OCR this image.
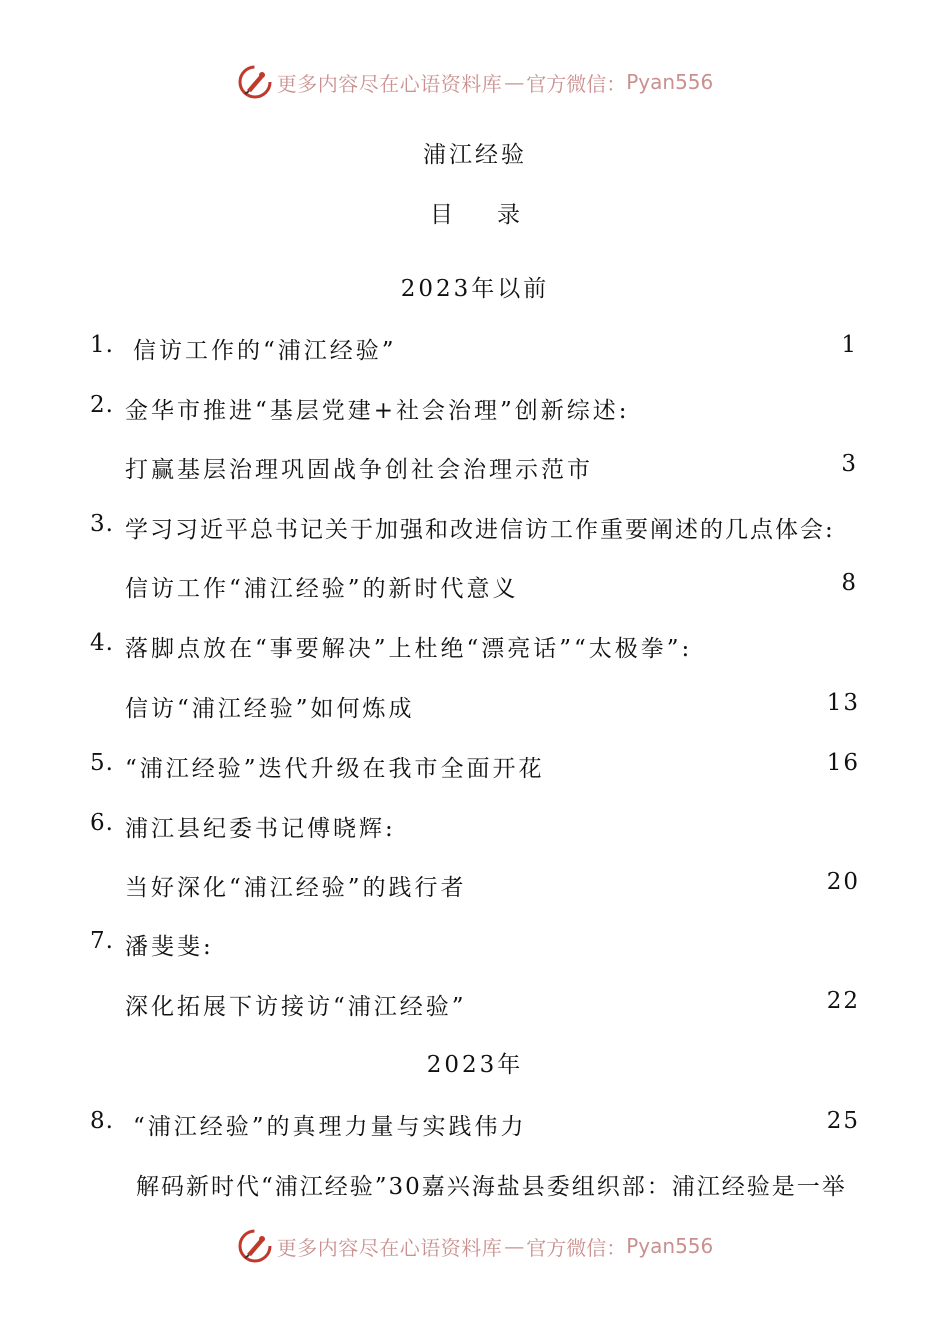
更多内容尽在心语资料库 — 官方微信： Pyan556
浦江经验
目 录
2023年以前
1. 信访工作的“浦江经验”	1
2. 金华市推进“基层党建+社会治理”创新综述:
打赢基层治理巩固战争创社会治理示范市	3
3. 学习习近平总书记关于加强和改进信访工作重要阐述的几点体会:
信访工作“浦江经验”的新时代意义	8
4. 落脚点放在“事要解决”上杜绝“漂亮话”“太极拳”:
信访“浦江经验”如何炼成	13
5. “浦江经验”迭代升级在我市全面开花	16
6. 浦江县纪委书记傅晓辉:
当好深化“浦江经验”的践行者	20
7. 潘斐斐:
深化拓展下访接访“浦江经验”	22
2023年
8. “浦江经验”的真理力量与实践伟力	25
解码新时代“浦江经验”30嘉兴海盐县委组织部：浦江经验是一举
更多内容尽在心语资料库 — 官方微信： Pyan556
